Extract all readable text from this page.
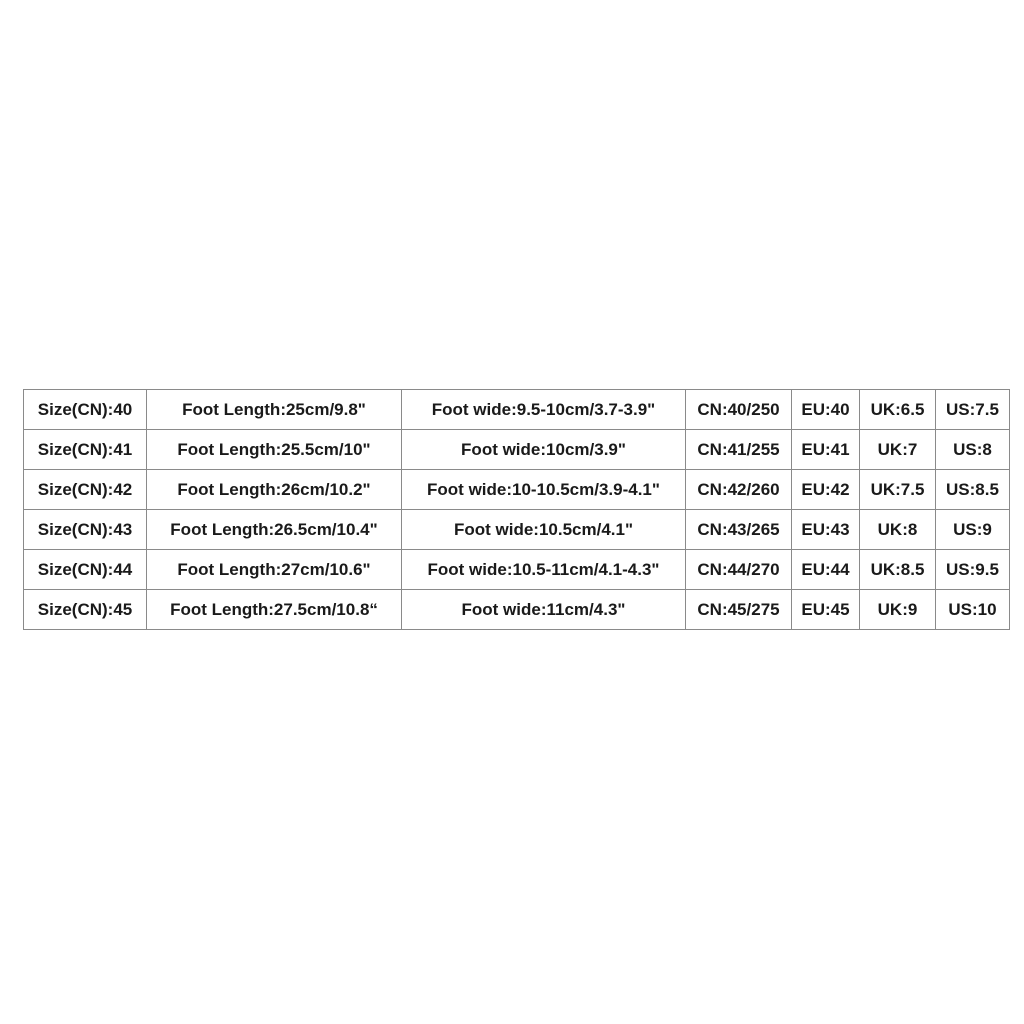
Size(CN):40	Foot Length:25cm/9.8"	Foot wide:9.5-10cm/3.7-3.9"	CN:40/250	EU:40	UK:6.5	US:7.5
Size(CN):41	Foot Length:25.5cm/10"	Foot wide:10cm/3.9"	CN:41/255	EU:41	UK:7	US:8
Size(CN):42	Foot Length:26cm/10.2"	Foot wide:10-10.5cm/3.9-4.1"	CN:42/260	EU:42	UK:7.5	US:8.5
Size(CN):43	Foot Length:26.5cm/10.4"	Foot wide:10.5cm/4.1"	CN:43/265	EU:43	UK:8	US:9
Size(CN):44	Foot Length:27cm/10.6"	Foot wide:10.5-11cm/4.1-4.3"	CN:44/270	EU:44	UK:8.5	US:9.5
Size(CN):45	Foot Length:27.5cm/10.8“	Foot wide:11cm/4.3"	CN:45/275	EU:45	UK:9	US:10
